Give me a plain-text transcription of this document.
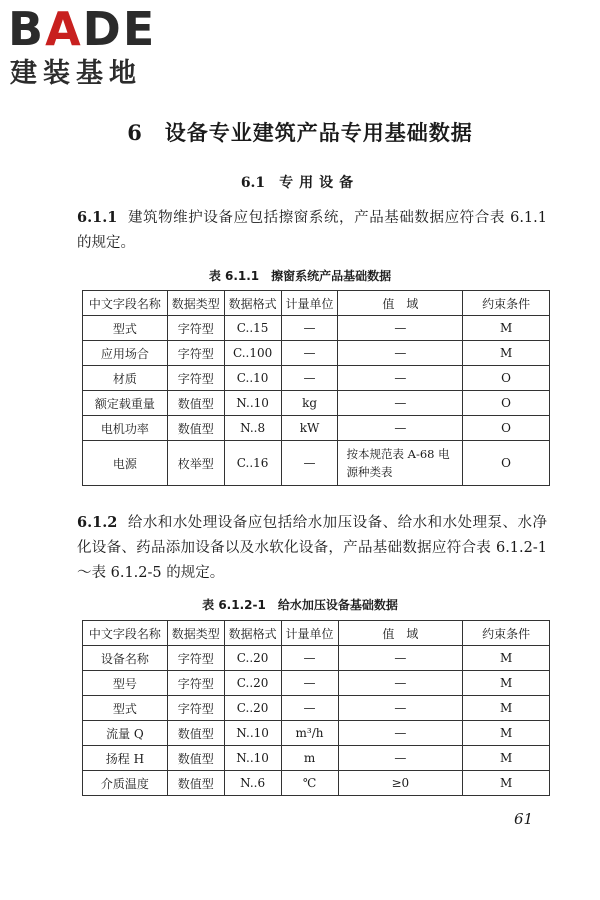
BADE
建装基地
6　设备专业建筑产品专用基础数据
6.1 专用设备
6.1.1 建筑物维护设备应包括擦窗系统，产品基础数据应符合表 6.1.1 的规定。
表 6.1.1　擦窗系统产品基础数据
中文字段名称	数据类型	数据格式	计量单位	值　域	约束条件
型式	字符型	C..15	—	—	M
应用场合	字符型	C..100	—	—	M
材质	字符型	C..10	—	—	O
额定载重量	数值型	N..10	kg	—	O
电机功率	数值型	N..8	kW	—	O
电源	枚举型	C..16	—	按本规范表 A-68 电源种类表	O
6.1.2 给水和水处理设备应包括给水加压设备、给水和水处理泵、水净化设备、药品添加设备以及水软化设备，产品基础数据应符合表 6.1.2-1～表 6.1.2-5 的规定。
表 6.1.2-1　给水加压设备基础数据
中文字段名称	数据类型	数据格式	计量单位	值　域	约束条件
设备名称	字符型	C..20	—	—	M
型号	字符型	C..20	—	—	M
型式	字符型	C..20	—	—	M
流量 Q	数值型	N..10	m³/h	—	M
扬程 H	数值型	N..10	m	—	M
介质温度	数值型	N..6	℃	≥0	M
61
